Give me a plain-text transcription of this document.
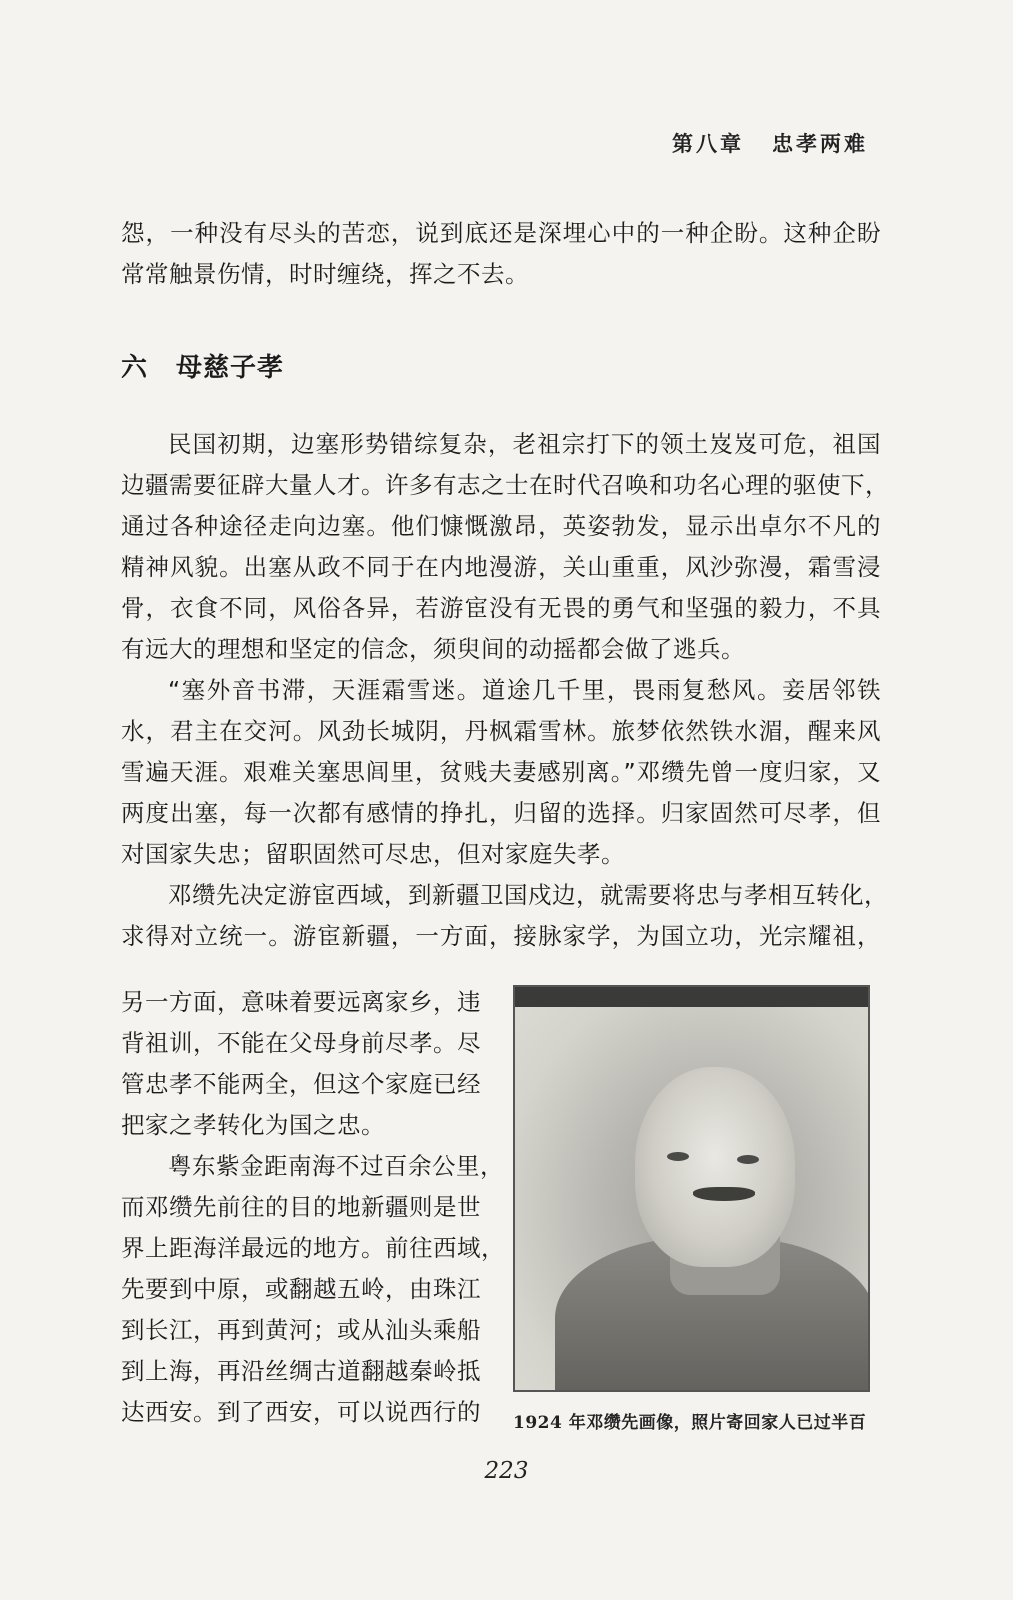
第八章 忠孝两难
怨，一种没有尽头的苦恋，说到底还是深埋心中的一种企盼。这种企盼
常常触景伤情，时时缠绕，挥之不去。
六 母慈子孝
民国初期，边塞形势错综复杂，老祖宗打下的领土岌岌可危，祖国
边疆需要征辟大量人才。许多有志之士在时代召唤和功名心理的驱使下，
通过各种途径走向边塞。他们慷慨激昂，英姿勃发，显示出卓尔不凡的
精神风貌。出塞从政不同于在内地漫游，关山重重，风沙弥漫，霜雪浸
骨，衣食不同，风俗各异，若游宦没有无畏的勇气和坚强的毅力，不具
有远大的理想和坚定的信念，须臾间的动摇都会做了逃兵。
“塞外音书滞，天涯霜雪迷。道途几千里，畏雨复愁风。妾居邻铁
水，君主在交河。风劲长城阴，丹枫霜雪林。旅梦依然铁水湄，醒来风
雪遍天涯。艰难关塞思闾里，贫贱夫妻感别离。”邓缵先曾一度归家，又
两度出塞，每一次都有感情的挣扎，归留的选择。归家固然可尽孝，但
对国家失忠；留职固然可尽忠，但对家庭失孝。
邓缵先决定游宦西域，到新疆卫国戍边，就需要将忠与孝相互转化，
求得对立统一。游宦新疆，一方面，接脉家学，为国立功，光宗耀祖，
另一方面，意味着要远离家乡，违
背祖训，不能在父母身前尽孝。尽
管忠孝不能两全，但这个家庭已经
把家之孝转化为国之忠。
粤东紫金距南海不过百余公里，
而邓缵先前往的目的地新疆则是世
界上距海洋最远的地方。前往西域，
先要到中原，或翻越五岭，由珠江
到长江，再到黄河；或从汕头乘船
到上海，再沿丝绸古道翻越秦岭抵
达西安。到了西安，可以说西行的 1924 年邓缵先画像，照片寄回家人已过半百
223
